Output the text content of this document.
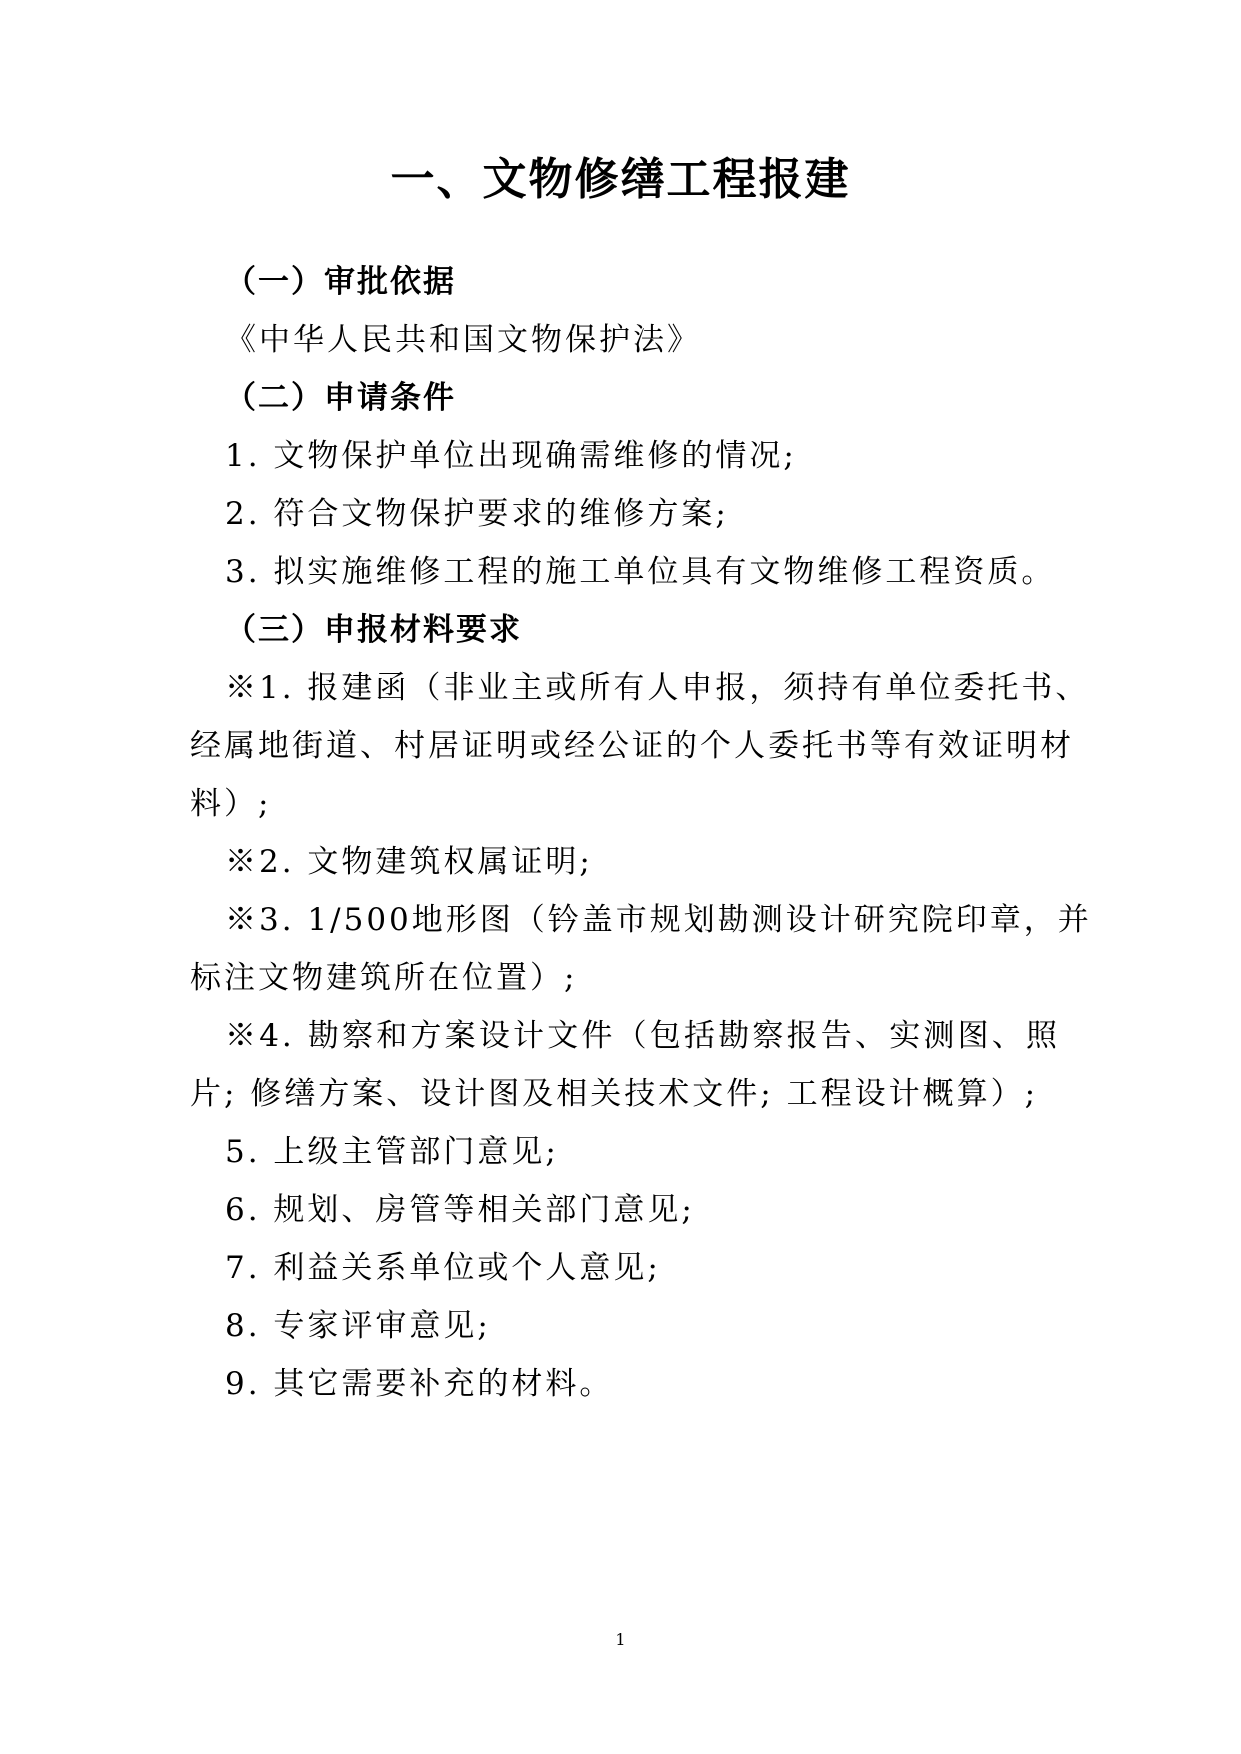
一、文物修缮工程报建
（一）审批依据
《中华人民共和国文物保护法》
（二）申请条件
1. 文物保护单位出现确需维修的情况;
2. 符合文物保护要求的维修方案;
3. 拟实施维修工程的施工单位具有文物维修工程资质。
（三）申报材料要求
※1. 报建函（非业主或所有人申报，须持有单位委托书、
经属地街道、村居证明或经公证的个人委托书等有效证明材
料）;
※2. 文物建筑权属证明;
※3. 1/500地形图（钤盖市规划勘测设计研究院印章，并
标注文物建筑所在位置）;
※4. 勘察和方案设计文件（包括勘察报告、实测图、照
片; 修缮方案、设计图及相关技术文件; 工程设计概算）;
5. 上级主管部门意见;
6. 规划、房管等相关部门意见;
7. 利益关系单位或个人意见;
8. 专家评审意见;
9. 其它需要补充的材料。
1
